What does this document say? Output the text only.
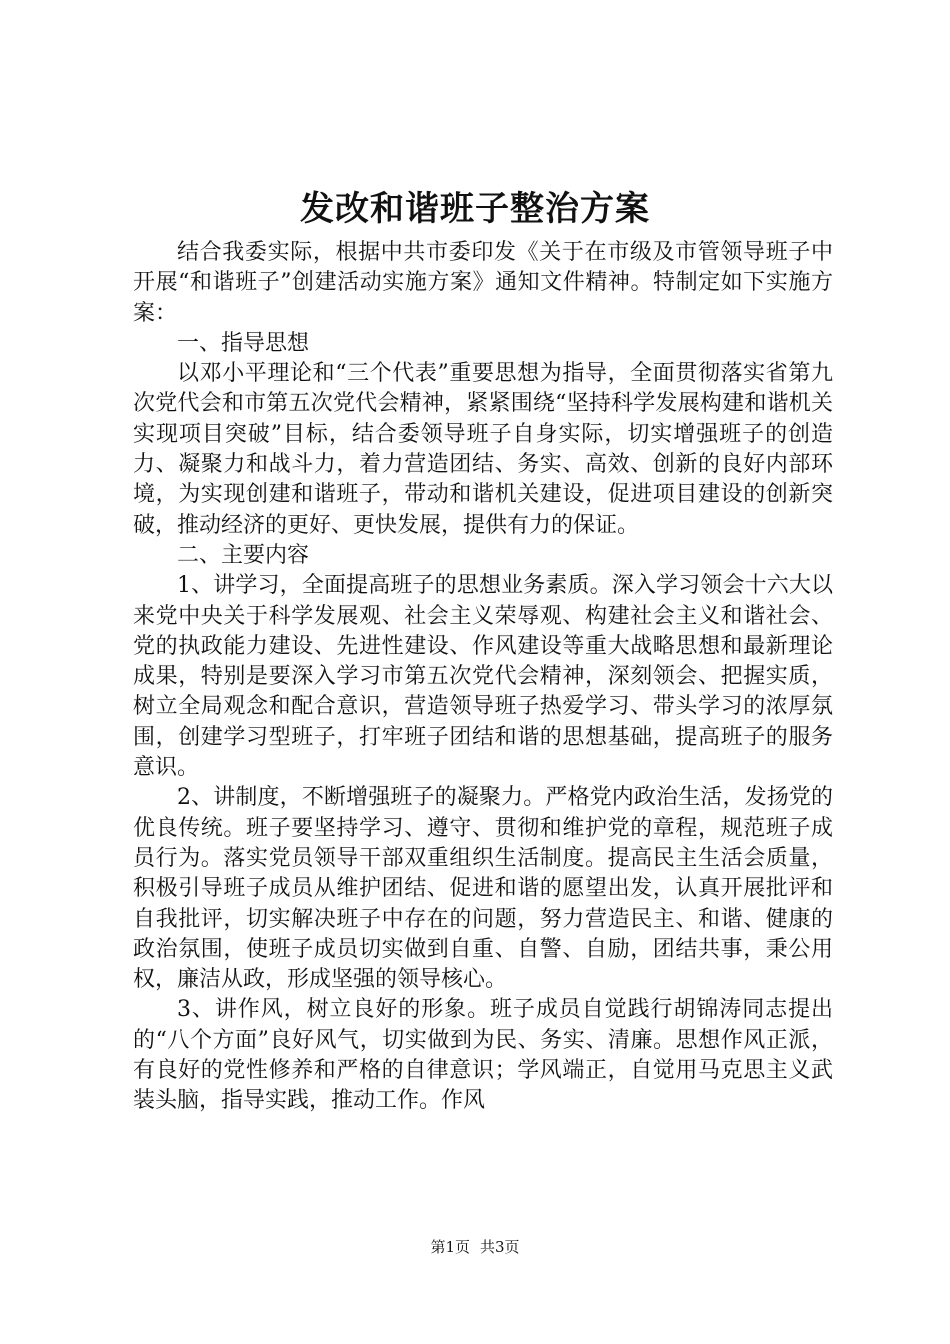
发改和谐班子整治方案

结合我委实际，根据中共市委印发《关于在市级及市管领导班子中开展“和谐班子”创建活动实施方案》通知文件精神。特制定如下实施方案：

一、指导思想

以邓小平理论和“三个代表”重要思想为指导，全面贯彻落实省第九次党代会和市第五次党代会精神，紧紧围绕“坚持科学发展构建和谐机关实现项目突破”目标，结合委领导班子自身实际，切实增强班子的创造力、凝聚力和战斗力，着力营造团结、务实、高效、创新的良好内部环境，为实现创建和谐班子，带动和谐机关建设，促进项目建设的创新突破，推动经济的更好、更快发展，提供有力的保证。

二、主要内容

1、讲学习，全面提高班子的思想业务素质。深入学习领会十六大以来党中央关于科学发展观、社会主义荣辱观、构建社会主义和谐社会、党的执政能力建设、先进性建设、作风建设等重大战略思想和最新理论成果，特别是要深入学习市第五次党代会精神，深刻领会、把握实质，树立全局观念和配合意识，营造领导班子热爱学习、带头学习的浓厚氛围，创建学习型班子，打牢班子团结和谐的思想基础，提高班子的服务意识。

2、讲制度，不断增强班子的凝聚力。严格党内政治生活，发扬党的优良传统。班子要坚持学习、遵守、贯彻和维护党的章程，规范班子成员行为。落实党员领导干部双重组织生活制度。提高民主生活会质量，积极引导班子成员从维护团结、促进和谐的愿望出发，认真开展批评和自我批评，切实解决班子中存在的问题，努力营造民主、和谐、健康的政治氛围，使班子成员切实做到自重、自警、自励，团结共事，秉公用权，廉洁从政，形成坚强的领导核心。

3、讲作风，树立良好的形象。班子成员自觉践行胡锦涛同志提出的“八个方面”良好风气，切实做到为民、务实、清廉。思想作风正派，有良好的党性修养和严格的自律意识；学风端正，自觉用马克思主义武装头脑，指导实践，推动工作。作风

第1页 共3页
